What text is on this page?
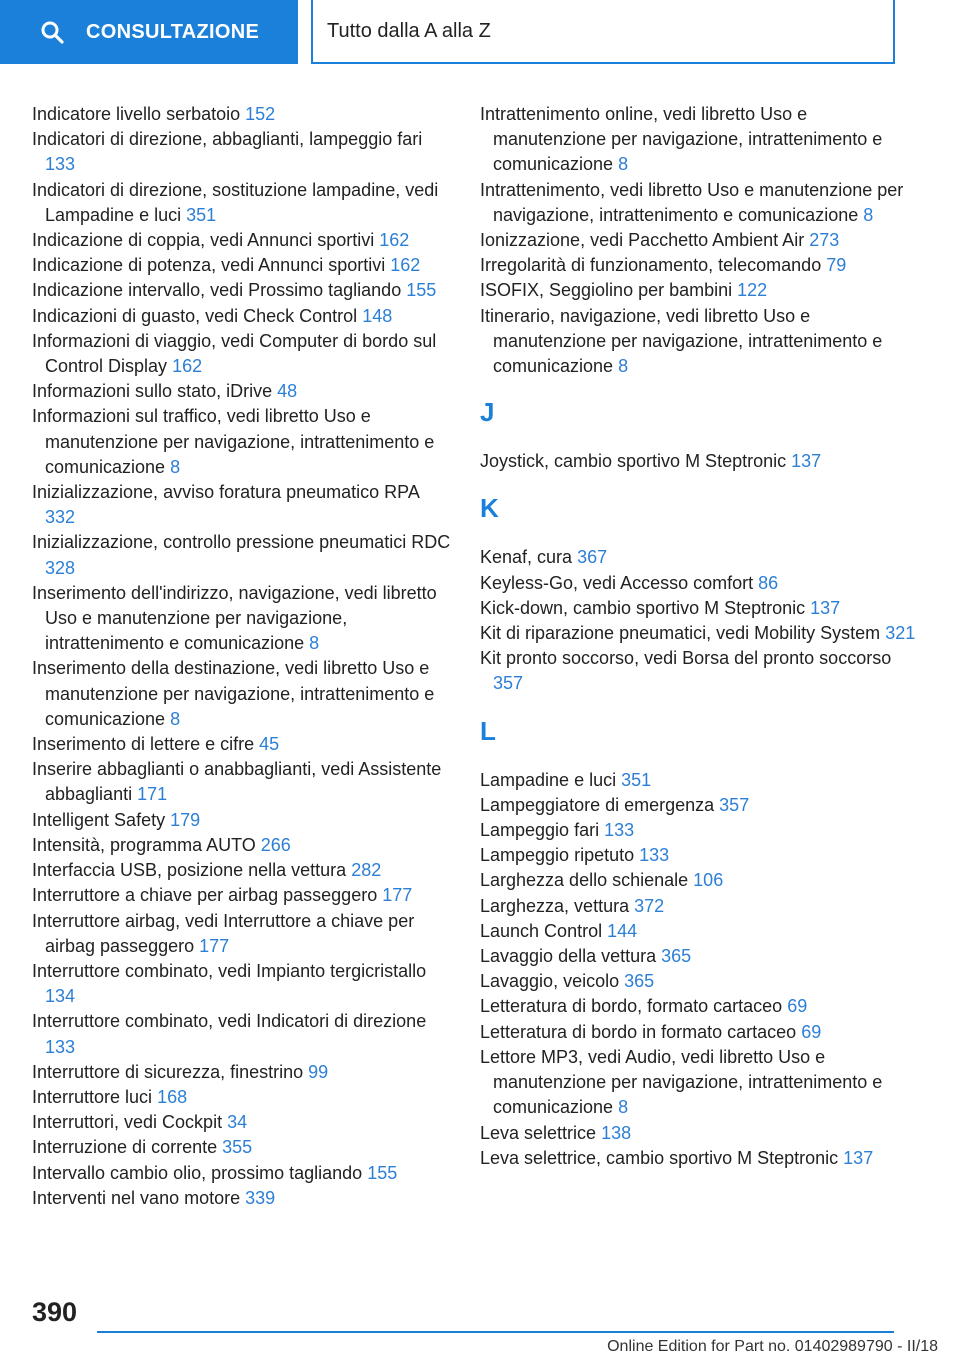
CONSULTAZIONE	Tutto dalla A alla Z
Indicatore livello serbatoio 152
Indicatori di direzione, abbaglianti, lampeggio fari 133
Indicatori di direzione, sostituzione lampadine, vedi Lampadine e luci 351
Indicazione di coppia, vedi Annunci sportivi 162
Indicazione di potenza, vedi Annunci sportivi 162
Indicazione intervallo, vedi Prossimo tagliando 155
Indicazioni di guasto, vedi Check Control 148
Informazioni di viaggio, vedi Computer di bordo sul Control Display 162
Informazioni sullo stato, iDrive 48
Informazioni sul traffico, vedi libretto Uso e manutenzione per navigazione, intrattenimento e comunicazione 8
Inizializzazione, avviso foratura pneumatico RPA 332
Inizializzazione, controllo pressione pneumatici RDC 328
Inserimento dell'indirizzo, navigazione, vedi libretto Uso e manutenzione per navigazione, intrattenimento e comunicazione 8
Inserimento della destinazione, vedi libretto Uso e manutenzione per navigazione, intrattenimento e comunicazione 8
Inserimento di lettere e cifre 45
Inserire abbaglianti o anabbaglianti, vedi Assistente abbaglianti 171
Intelligent Safety 179
Intensità, programma AUTO 266
Interfaccia USB, posizione nella vettura 282
Interruttore a chiave per airbag passeggero 177
Interruttore airbag, vedi Interruttore a chiave per airbag passeggero 177
Interruttore combinato, vedi Impianto tergicristallo 134
Interruttore combinato, vedi Indicatori di direzione 133
Interruttore di sicurezza, finestrino 99
Interruttore luci 168
Interruttori, vedi Cockpit 34
Interruzione di corrente 355
Intervallo cambio olio, prossimo tagliando 155
Interventi nel vano motore 339
Intrattenimento online, vedi libretto Uso e manutenzione per navigazione, intrattenimento e comunicazione 8
Intrattenimento, vedi libretto Uso e manutenzione per navigazione, intrattenimento e comunicazione 8
Ionizzazione, vedi Pacchetto Ambient Air 273
Irregolarità di funzionamento, telecomando 79
ISOFIX, Seggiolino per bambini 122
Itinerario, navigazione, vedi libretto Uso e manutenzione per navigazione, intrattenimento e comunicazione 8
J
Joystick, cambio sportivo M Steptronic 137
K
Kenaf, cura 367
Keyless-Go, vedi Accesso comfort 86
Kick-down, cambio sportivo M Steptronic 137
Kit di riparazione pneumatici, vedi Mobility System 321
Kit pronto soccorso, vedi Borsa del pronto soccorso 357
L
Lampadine e luci 351
Lampeggiatore di emergenza 357
Lampeggio fari 133
Lampeggio ripetuto 133
Larghezza dello schienale 106
Larghezza, vettura 372
Launch Control 144
Lavaggio della vettura 365
Lavaggio, veicolo 365
Letteratura di bordo, formato cartaceo 69
Letteratura di bordo in formato cartaceo 69
Lettore MP3, vedi Audio, vedi libretto Uso e manutenzione per navigazione, intrattenimento e comunicazione 8
Leva selettrice 138
Leva selettrice, cambio sportivo M Steptronic 137
390
Online Edition for Part no. 01402989790 - II/18
